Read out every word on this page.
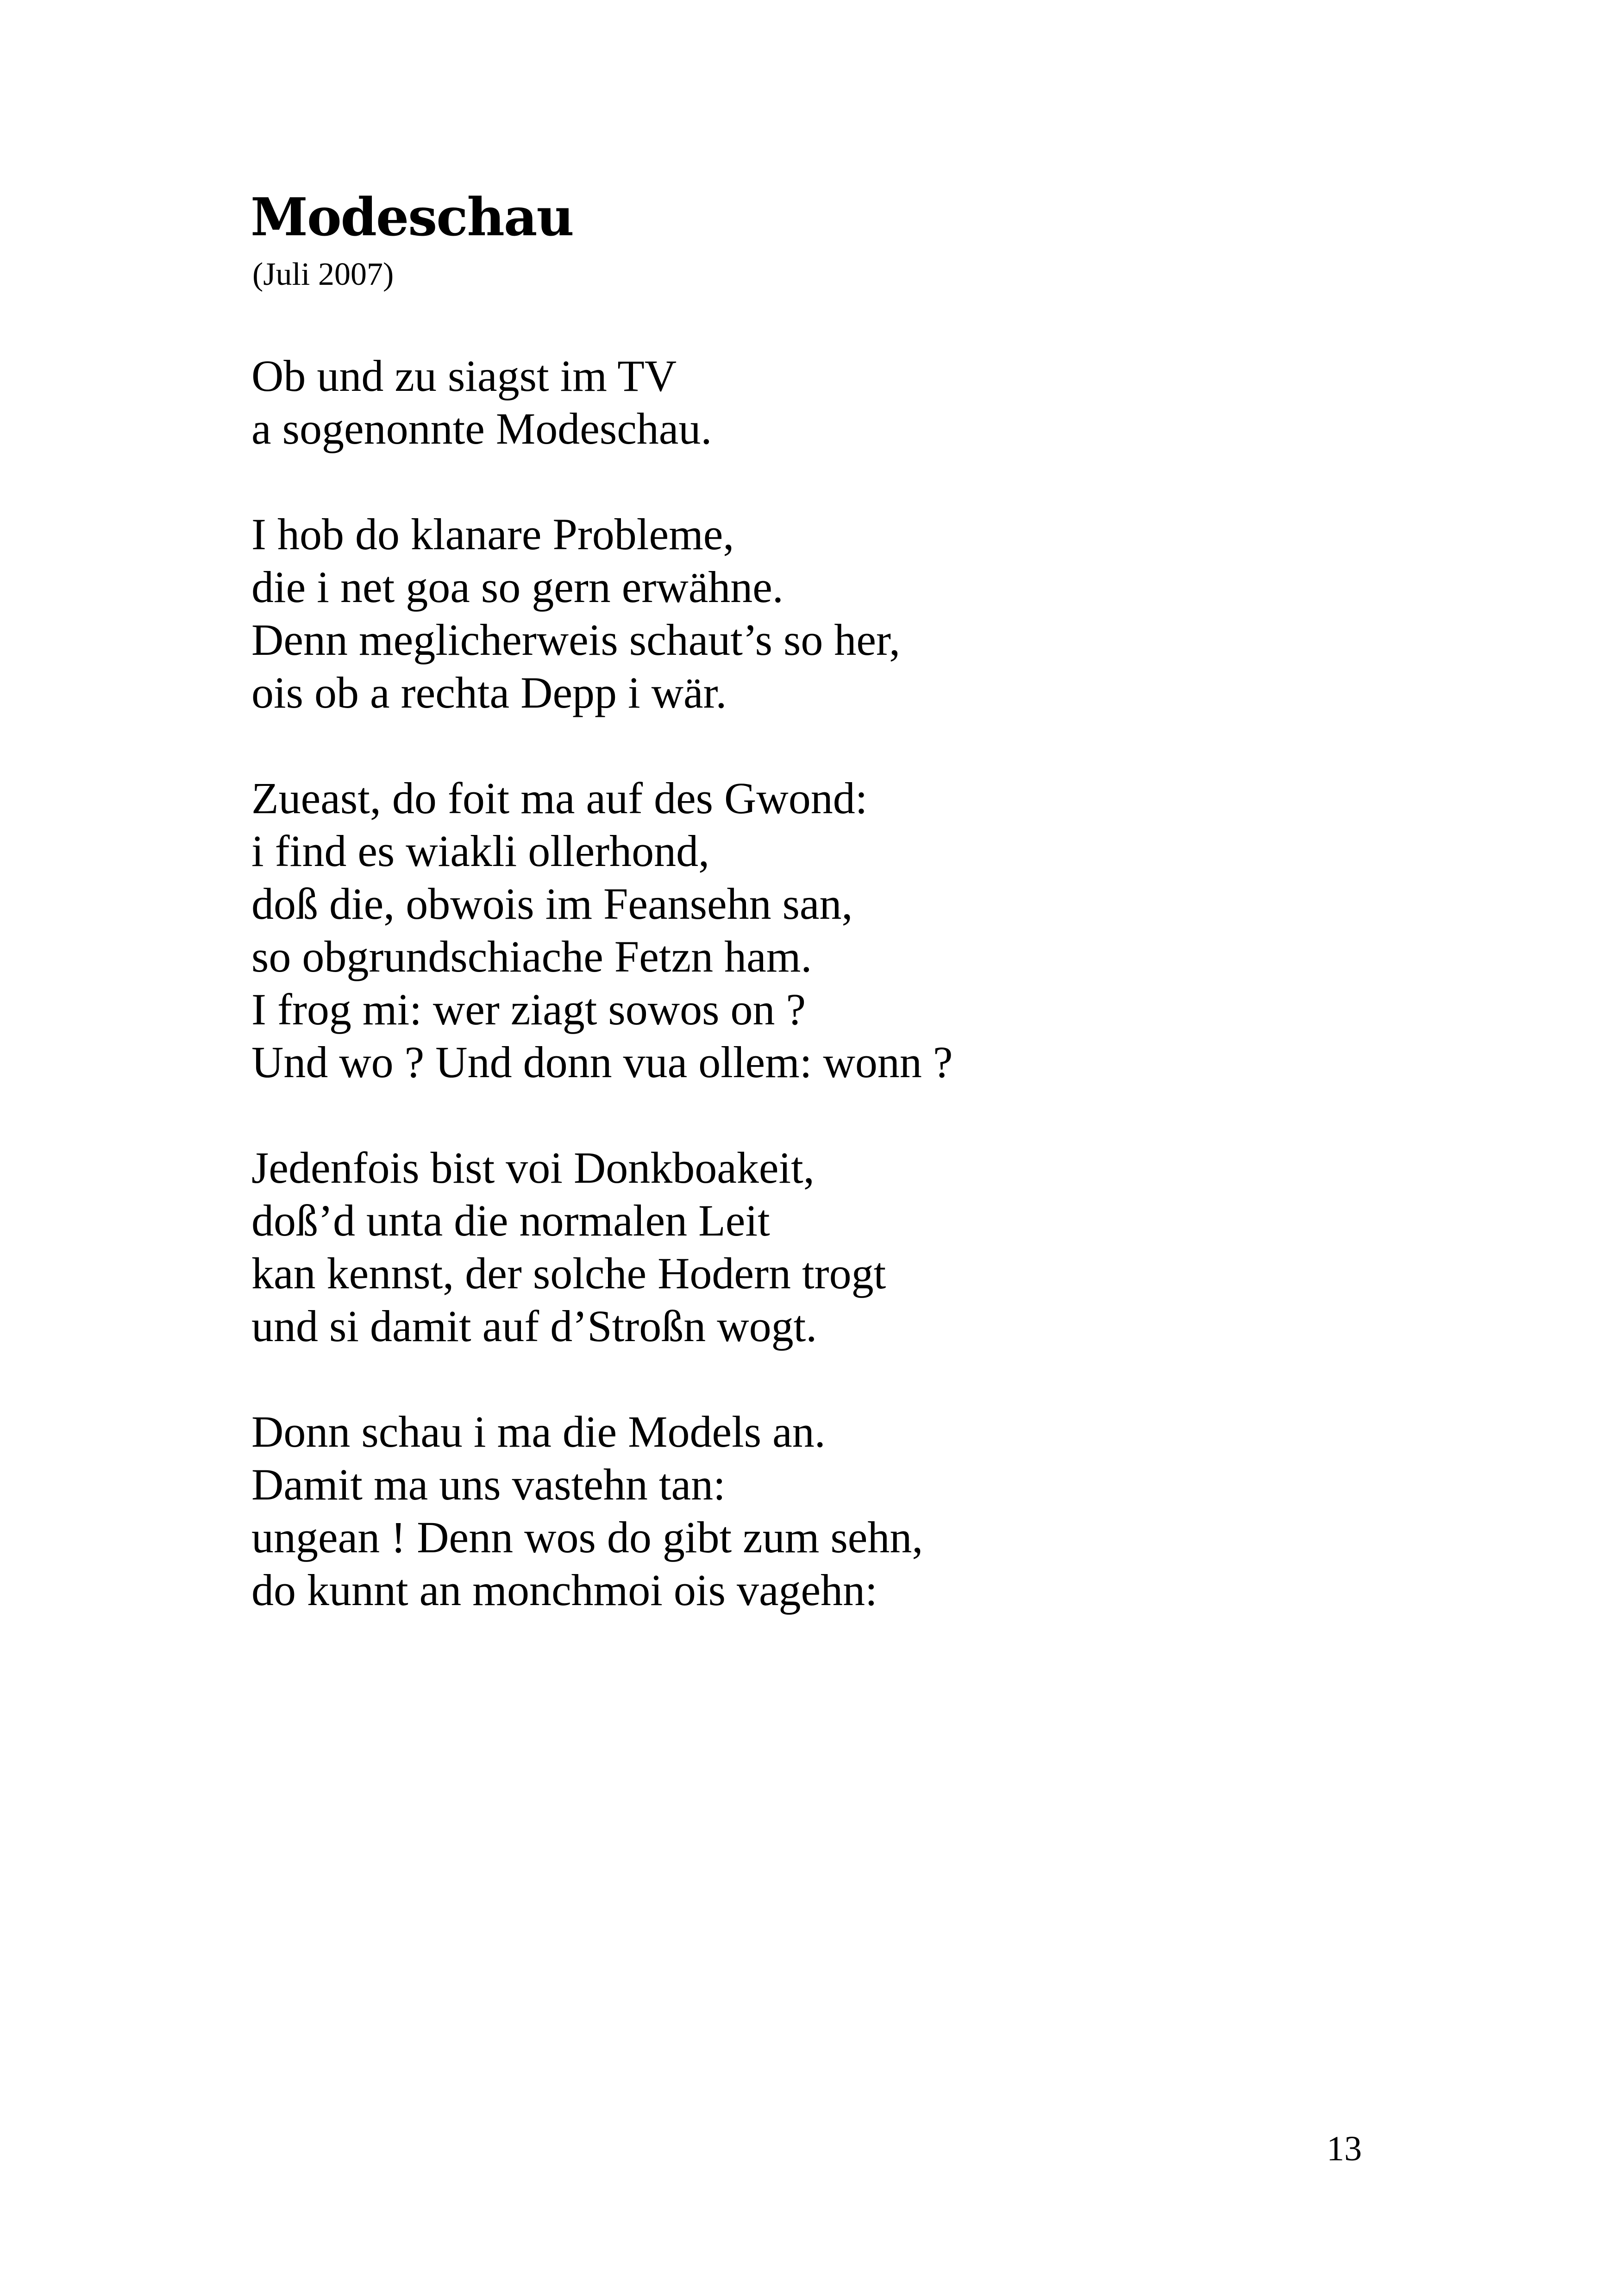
Modeschau

(Juli 2007)

Ob und zu siagst im TV
a sogenonnte Modeschau.
I hob do klanare Probleme,
die i net goa so gern erwähne.
Denn meglicherweis schaut’s so her,
ois ob a rechta Depp i wär.
Zueast, do foit ma auf des Gwond:
i find es wiakli ollerhond,
doß die, obwois im Feansehn san,
so obgrundschiache Fetzn ham.
I frog mi: wer ziagt sowos on ?
Und wo ? Und donn vua ollem: wonn ?
Jedenfois bist voi Donkboakeit,
doß’d unta die normalen Leit
kan kennst, der solche Hodern trogt
und si damit auf d’Stroßn wogt.
Donn schau i ma die Models an.
Damit ma uns vastehn tan:
ungean ! Denn wos do gibt zum sehn,
do kunnt an monchmoi ois vagehn:

13
